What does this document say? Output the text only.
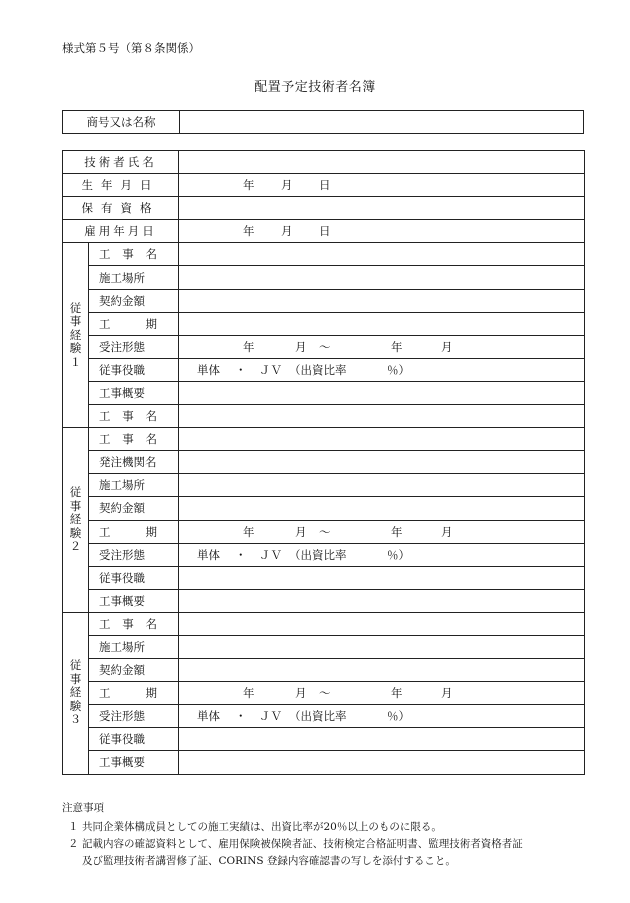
様式第５号（第８条関係）
配置予定技術者名簿
商号又は名称	
技術者氏名		
生年月日		年 月 日

保有資格		
雇用年月日		年 月 日

従事経験１	工 事 名	

	施工場所	
	契約金額	

	工 期	

	受注形態	年 月 ～ 年 月

	従事役職	単体 ・ ＪＶ （出資比率 ％）

	工事概要	

	工 事 名	

従事経験２	工 事 名	

	発注機関名	
	施工場所	
	契約金額	

	工 期	年 月 ～ 年 月

	受注形態	単体 ・ ＪＶ （出資比率 ％）

	従事役職	
	工事概要	
従事経験３	工 事 名	

	施工場所	
	契約金額	

	工 期	年 月 ～ 年 月

	受注形態	単体 ・ ＪＶ （出資比率 ％）

	従事役職	
	工事概要	
注意事項
１ 共同企業体構成員としての施工実績は、出資比率が20％以上のものに限る。
２ 記載内容の確認資料として、雇用保険被保険者証、技術検定合格証明書、監理技術者資格者証
及び監理技術者講習修了証、CORINS 登録内容確認書の写しを添付すること。
